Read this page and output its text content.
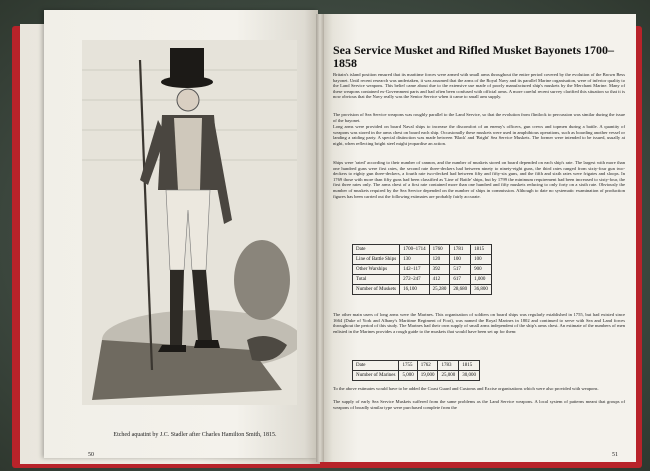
Etched aquatint by J.C. Stadler after Charles Hamilton Smith, 1815.
50
Sea Service Musket and Rifled Musket Bayonets 1700–1858
Britain's island position ensured that its maritime forces were armed with small arms throughout the entire period covered by the evolution of the Brown Bess bayonet. Until recent research was undertaken, it was assumed that the arms of the Royal Navy and its parallel Marine organisation, were of inferior quality to the Land Service weapons. This belief came about due to the extensive use made of poorly manufactured ship's muskets by the Merchant Marine. Many of these weapons contained ex-Government parts and had often been confused with official arms. A more careful recent survey clarified this situation so that it is now obvious that the Navy really was the Senior Service when it came to small arm supply.
The provision of Sea Service weapons was roughly parallel to the Land Service, so that the evolution from flintlock to percussion was similar during the issue of the bayonet.
Long arms were provided on board Naval ships to increase the discomfort of an enemy's officers, gun crews and topmen during a battle. A quantity of weapons was stored in the arms chest on board each ship. Occasionally these muskets were used in amphibious operations, such as boarding another vessel or landing a raiding party. A special distinction was made between 'Black' and 'Bright' Sea Service Muskets. The former were intended to be issued, usually at night, when reflecting bright steel might jeopardise an action.
Ships were 'rated' according to their number of cannon, and the number of muskets stored on board depended on each ship's rate. The largest with more than one hundred guns were first rates, the second rate three-deckers had between ninety to ninety-eight guns, the third rates ranged from sixty-four gun two-deckers to eighty gun three-deckers, a fourth rate two-decked had between fifty and fifty-six guns, and the fifth and sixth rates were frigates and sloops. In 1769 those with more than fifty guns had been classified as 'Line of Battle' ships, but by 1799 the minimum requirement had been increased to sixty-four, the first three rates only. The arms chest of a first rate contained more than one hundred and fifty muskets reducing to only forty on a sixth rate. Obviously the number of muskets required by the Sea Service depended on the number of ships in commission. Although to date no systematic examination of production figures has been carried out the following estimates are probably fairly accurate.
Date	1700–1714	1760	1781	1815
Line of Battle Ships	130	120	100	100
Other Warships	142–117	392	517	900
Total	272–247	412	617	1,000
Number of Muskets	16,100	25,280	28,680	36,800
The other main users of long arms were the Marines. This organisation of soldiers on board ships was regularly established in 1755, but had existed since 1664 (Duke of York and Albany's Maritime Regiment of Foot), was named the Royal Marines in 1802 and continued to serve with Sea and Land forces throughout the period of this study. The Marines had their own supply of small arms independent of the ship's arms chest. An estimate of the numbers of men enlisted in the Marines provides a rough guide to the muskets that would have been set up for them:
Date	1755	1762	1783	1815
Number of Marines	5,000	19,000	25,000	30,000
To the above estimates would have to be added the Coast Guard and Customs and Excise organisations which were also provided with weapons.
The supply of early Sea Service Muskets suffered from the same problems as the Land Service weapons. A local system of patterns meant that groups of weapons of broadly similar type were purchased complete from the
51
